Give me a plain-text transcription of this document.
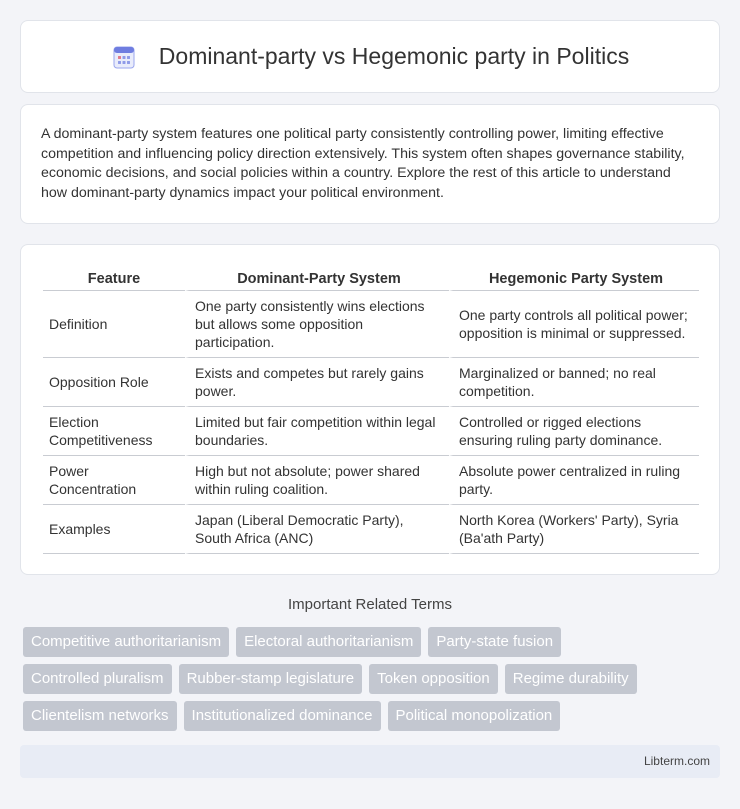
Dominant-party vs Hegemonic party in Politics

A dominant-party system features one political party consistently controlling power, limiting effective competition and influencing policy direction extensively. This system often shapes governance stability, economic decisions, and social policies within a country. Explore the rest of this article to understand how dominant-party dynamics impact your political environment.

Feature	Dominant-Party System	Hegemonic Party System
Definition	One party consistently wins elections but allows some opposition participation.	One party controls all political power; opposition is minimal or suppressed.
Opposition Role	Exists and competes but rarely gains power.	Marginalized or banned; no real competition.
Election Competitiveness	Limited but fair competition within legal boundaries.	Controlled or rigged elections ensuring ruling party dominance.
Power Concentration	High but not absolute; power shared within ruling coalition.	Absolute power centralized in ruling party.
Examples	Japan (Liberal Democratic Party), South Africa (ANC)	North Korea (Workers' Party), Syria (Ba'ath Party)
Important Related Terms
Competitive authoritarianism	Electoral authoritarianism	Party-state fusion
Controlled pluralism	Rubber-stamp legislature	Token opposition	Regime durability
Clientelism networks	Institutionalized dominance	Political monopolization
Libterm.com
